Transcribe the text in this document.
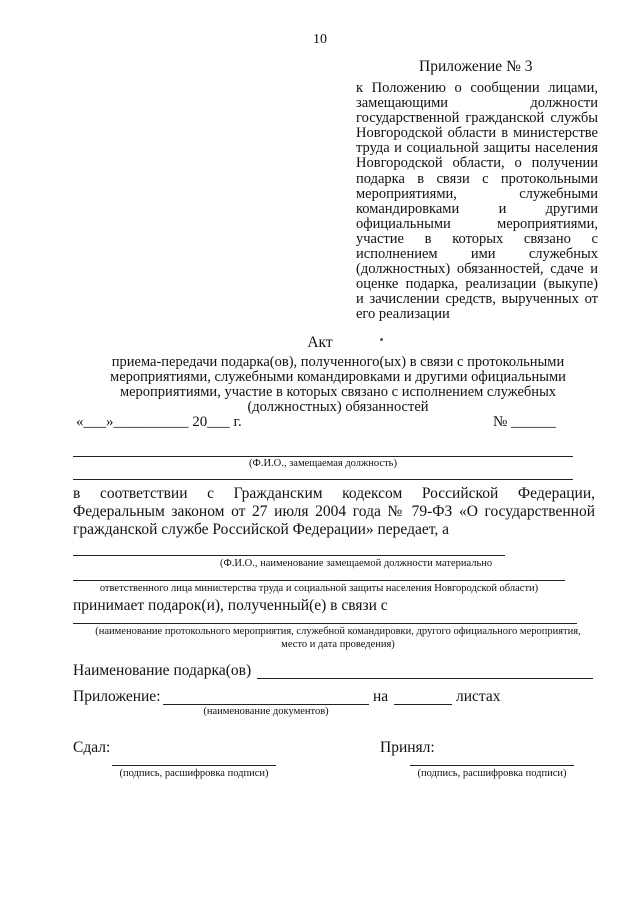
10
Приложение № 3
к Положению о сообщении лицами, замещающими должности государственной гражданской службы Новгородской области в министерстве труда и социальной защиты населения Новгородской области, о получении подарка в связи с протокольными мероприятиями, служебными командировками и другими официальными мероприятиями, участие в которых связано с исполнением ими служебных (должностных) обязанностей, сдаче и оценке подарка, реализации (выкупе) и зачислении средств, вырученных от его реализации
Акт
приема-передачи подарка(ов), полученного(ых) в связи с протокольными мероприятиями, служебными командировками и другими официальными мероприятиями, участие в которых связано с исполнением служебных (должностных) обязанностей
«___»__________ 20___ г.	№ ______
(Ф.И.О., замещаемая должность)
в соответствии с Гражданским кодексом Российской Федерации, Федеральным законом от 27 июля 2004 года № 79-ФЗ «О государственной гражданской службе Российской Федерации» передает, а
(Ф.И.О., наименование замещаемой должности материально
ответственного лица министерства труда и социальной защиты населения Новгородской области)
принимает подарок(и), полученный(е) в связи с
(наименование протокольного мероприятия, служебной командировки, другого официального мероприятия,
место и дата проведения)
Наименование подарка(ов)
Приложение:	на	листах
(наименование документов)
Сдал:
(подпись, расшифровка подписи)
Принял:
(подпись, расшифровка подписи)
